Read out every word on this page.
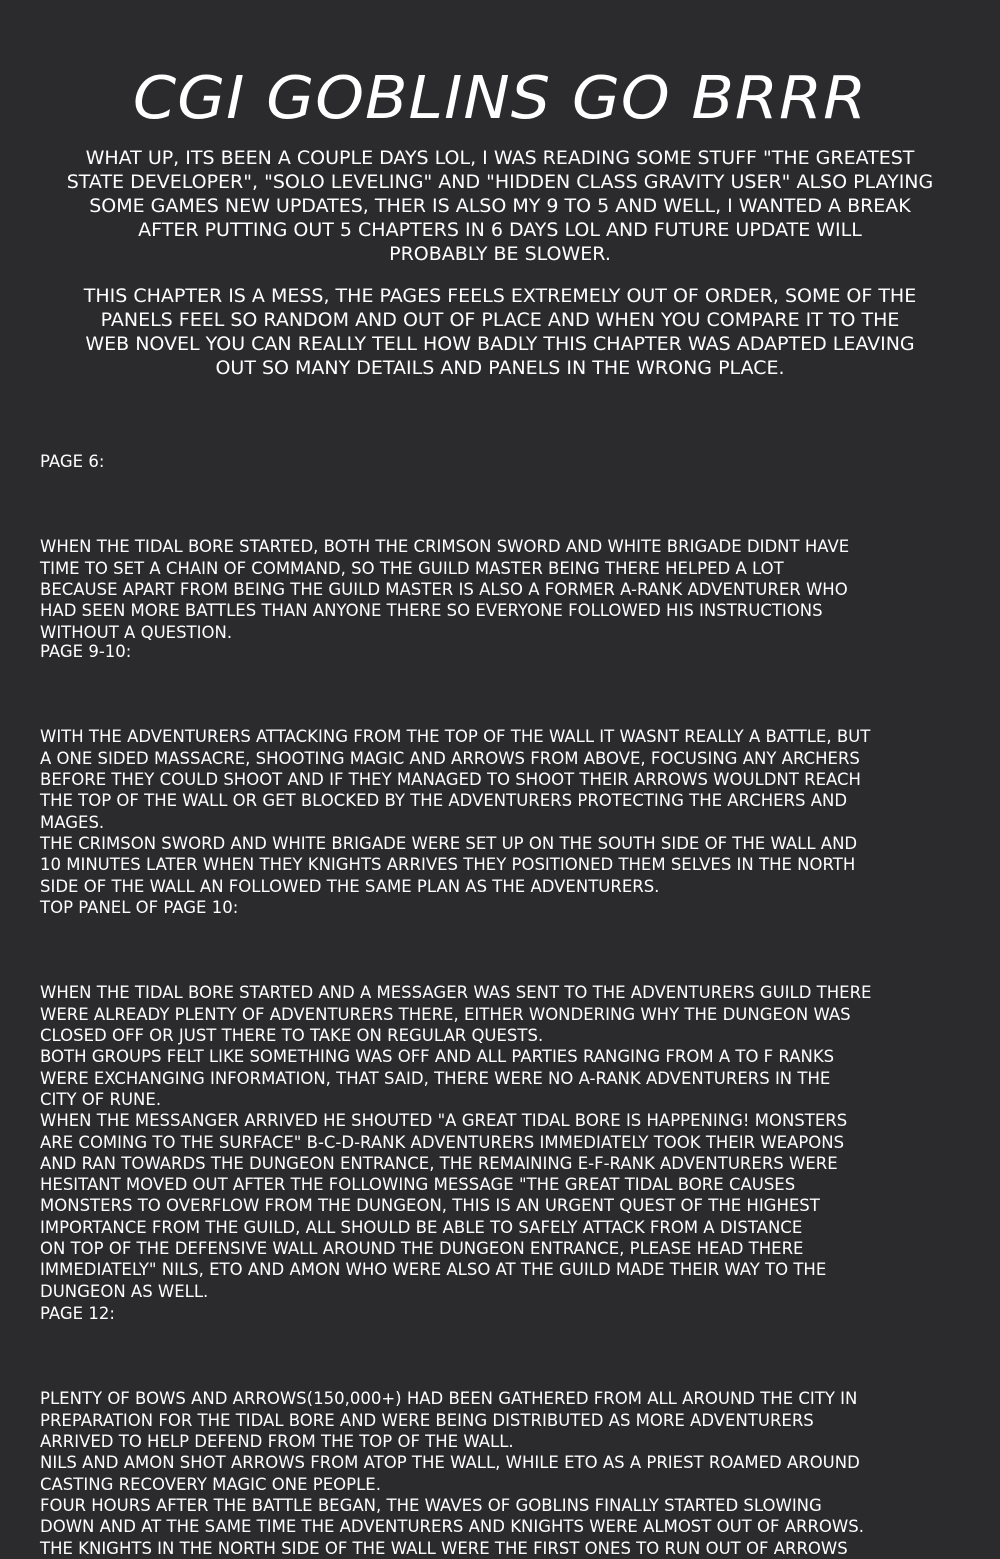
CGI GOBLINS GO BRRR
WHAT UP, ITS BEEN A COUPLE DAYS LOL, I WAS READING SOME STUFF "THE GREATEST
STATE DEVELOPER", "SOLO LEVELING" AND "HIDDEN CLASS GRAVITY USER" ALSO PLAYING
SOME GAMES NEW UPDATES, THER IS ALSO MY 9 TO 5 AND WELL, I WANTED A BREAK
AFTER PUTTING OUT 5 CHAPTERS IN 6 DAYS LOL AND FUTURE UPDATE WILL
PROBABLY BE SLOWER.
THIS CHAPTER IS A MESS, THE PAGES FEELS EXTREMELY OUT OF ORDER, SOME OF THE
PANELS FEEL SO RANDOM AND OUT OF PLACE AND WHEN YOU COMPARE IT TO THE
WEB NOVEL YOU CAN REALLY TELL HOW BADLY THIS CHAPTER WAS ADAPTED LEAVING
OUT SO MANY DETAILS AND PANELS IN THE WRONG PLACE.

PAGE 6:

WHEN THE TIDAL BORE STARTED, BOTH THE CRIMSON SWORD AND WHITE BRIGADE DIDNT HAVE
TIME TO SET A CHAIN OF COMMAND, SO THE GUILD MASTER BEING THERE HELPED A LOT
BECAUSE APART FROM BEING THE GUILD MASTER IS ALSO A FORMER A-RANK ADVENTURER WHO
HAD SEEN MORE BATTLES THAN ANYONE THERE SO EVERYONE FOLLOWED HIS INSTRUCTIONS
WITHOUT A QUESTION.

PAGE 9-10:

WITH THE ADVENTURERS ATTACKING FROM THE TOP OF THE WALL IT WASNT REALLY A BATTLE, BUT
A ONE SIDED MASSACRE, SHOOTING MAGIC AND ARROWS FROM ABOVE, FOCUSING ANY ARCHERS
BEFORE THEY COULD SHOOT AND IF THEY MANAGED TO SHOOT THEIR ARROWS WOULDNT REACH
THE TOP OF THE WALL OR GET BLOCKED BY THE ADVENTURERS PROTECTING THE ARCHERS AND
MAGES.
THE CRIMSON SWORD AND WHITE BRIGADE WERE SET UP ON THE SOUTH SIDE OF THE WALL AND
10 MINUTES LATER WHEN THEY KNIGHTS ARRIVES THEY POSITIONED THEM SELVES IN THE NORTH
SIDE OF THE WALL AN FOLLOWED THE SAME PLAN AS THE ADVENTURERS.

TOP PANEL OF PAGE 10:

WHEN THE TIDAL BORE STARTED AND A MESSAGER WAS SENT TO THE ADVENTURERS GUILD THERE
WERE ALREADY PLENTY OF ADVENTURERS THERE, EITHER WONDERING WHY THE DUNGEON WAS
CLOSED OFF OR JUST THERE TO TAKE ON REGULAR QUESTS.
BOTH GROUPS FELT LIKE SOMETHING WAS OFF AND ALL PARTIES RANGING FROM A TO F RANKS
WERE EXCHANGING INFORMATION, THAT SAID, THERE WERE NO A-RANK ADVENTURERS IN THE
CITY OF RUNE.
WHEN THE MESSANGER ARRIVED HE SHOUTED "A GREAT TIDAL BORE IS HAPPENING! MONSTERS
ARE COMING TO THE SURFACE" B-C-D-RANK ADVENTURERS IMMEDIATELY TOOK THEIR WEAPONS
AND RAN TOWARDS THE DUNGEON ENTRANCE, THE REMAINING E-F-RANK ADVENTURERS WERE
HESITANT MOVED OUT AFTER THE FOLLOWING MESSAGE "THE GREAT TIDAL BORE CAUSES
MONSTERS TO OVERFLOW FROM THE DUNGEON, THIS IS AN URGENT QUEST OF THE HIGHEST
IMPORTANCE FROM THE GUILD, ALL SHOULD BE ABLE TO SAFELY ATTACK FROM A DISTANCE
ON TOP OF THE DEFENSIVE WALL AROUND THE DUNGEON ENTRANCE, PLEASE HEAD THERE
IMMEDIATELY" NILS, ETO AND AMON WHO WERE ALSO AT THE GUILD MADE THEIR WAY TO THE
DUNGEON AS WELL.

PAGE 12:

PLENTY OF BOWS AND ARROWS(150,000+) HAD BEEN GATHERED FROM ALL AROUND THE CITY IN
PREPARATION FOR THE TIDAL BORE AND WERE BEING DISTRIBUTED AS MORE ADVENTURERS
ARRIVED TO HELP DEFEND FROM THE TOP OF THE WALL.
NILS AND AMON SHOT ARROWS FROM ATOP THE WALL, WHILE ETO AS A PRIEST ROAMED AROUND
CASTING RECOVERY MAGIC ONE PEOPLE.
FOUR HOURS AFTER THE BATTLE BEGAN, THE WAVES OF GOBLINS FINALLY STARTED SLOWING
DOWN AND AT THE SAME TIME THE ADVENTURERS AND KNIGHTS WERE ALMOST OUT OF ARROWS.
THE KNIGHTS IN THE NORTH SIDE OF THE WALL WERE THE FIRST ONES TO RUN OUT OF ARROWS
